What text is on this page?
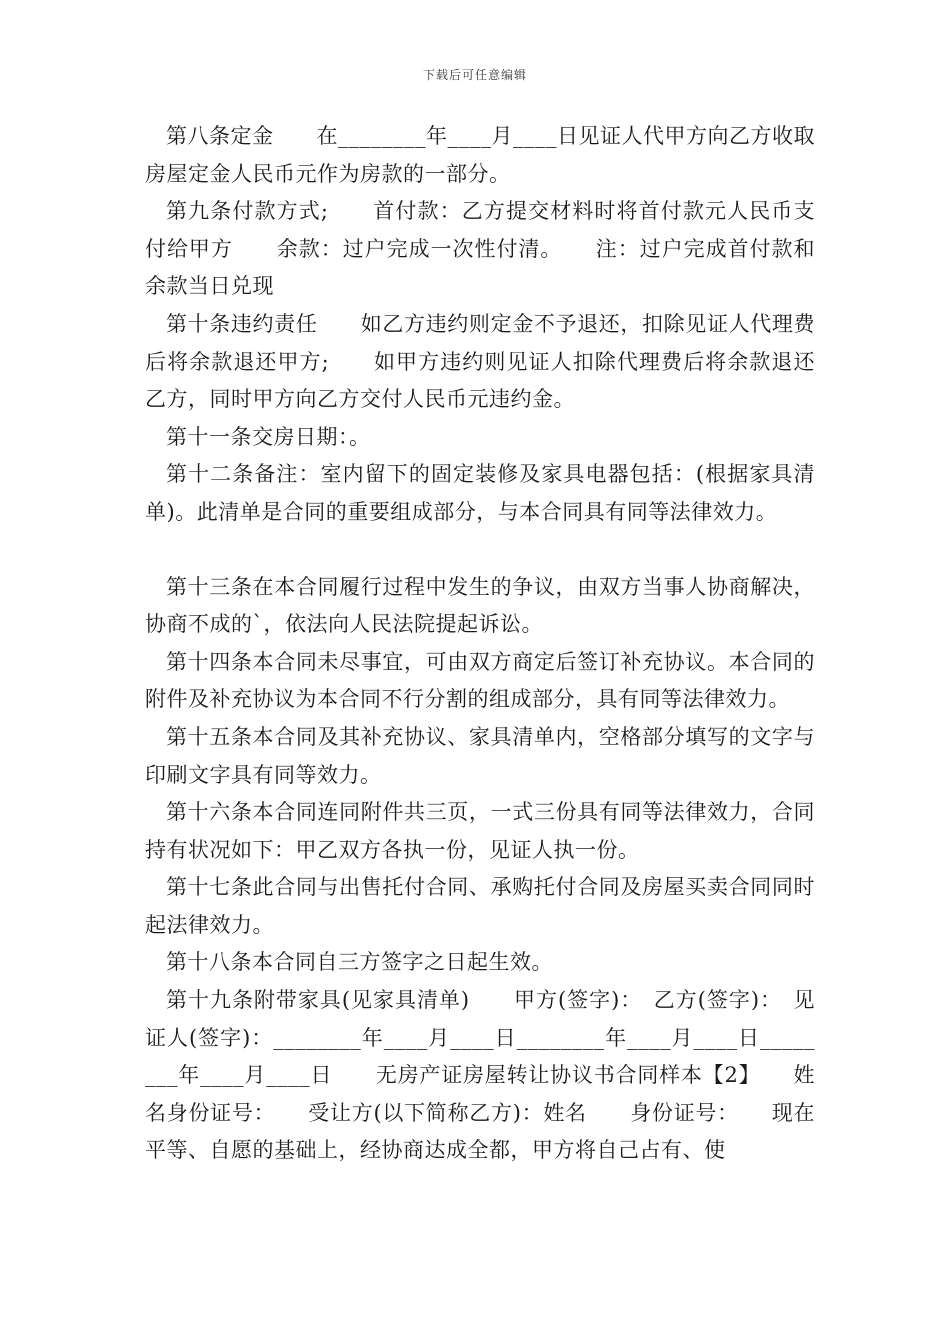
下载后可任意编辑

第八条定金　　在________年____月____日见证人代甲方向乙方收取房屋定金人民币元作为房款的一部分。

第九条付款方式;　　首付款：乙方提交材料时将首付款元人民币支付给甲方　　余款：过户完成一次性付清。　　注：过户完成首付款和余款当日兑现

第十条违约责任　　如乙方违约则定金不予退还，扣除见证人代理费后将余款退还甲方;　　如甲方违约则见证人扣除代理费后将余款退还乙方，同时甲方向乙方交付人民币元违约金。

第十一条交房日期：。

第十二条备注：室内留下的固定装修及家具电器包括：(根据家具清单)。此清单是合同的重要组成部分，与本合同具有同等法律效力。

第十三条在本合同履行过程中发生的争议，由双方当事人协商解决，协商不成的`，依法向人民法院提起诉讼。

第十四条本合同未尽事宜，可由双方商定后签订补充协议。本合同的附件及补充协议为本合同不行分割的组成部分，具有同等法律效力。

第十五条本合同及其补充协议、家具清单内，空格部分填写的文字与印刷文字具有同等效力。

第十六条本合同连同附件共三页，一式三份具有同等法律效力，合同持有状况如下：甲乙双方各执一份，见证人执一份。

第十七条此合同与出售托付合同、承购托付合同及房屋买卖合同同时起法律效力。

第十八条本合同自三方签字之日起生效。

第十九条附带家具(见家具清单)　　甲方(签字)：　乙方(签字)：　见证人(签字)：________年____月____日________年____月____日________年____月____日　　无房产证房屋转让协议书合同样本【2】　　姓名身份证号：　　受让方(以下简称乙方)：姓名　　身份证号：　　现在平等、自愿的基础上，经协商达成全都，甲方将自己占有、使
